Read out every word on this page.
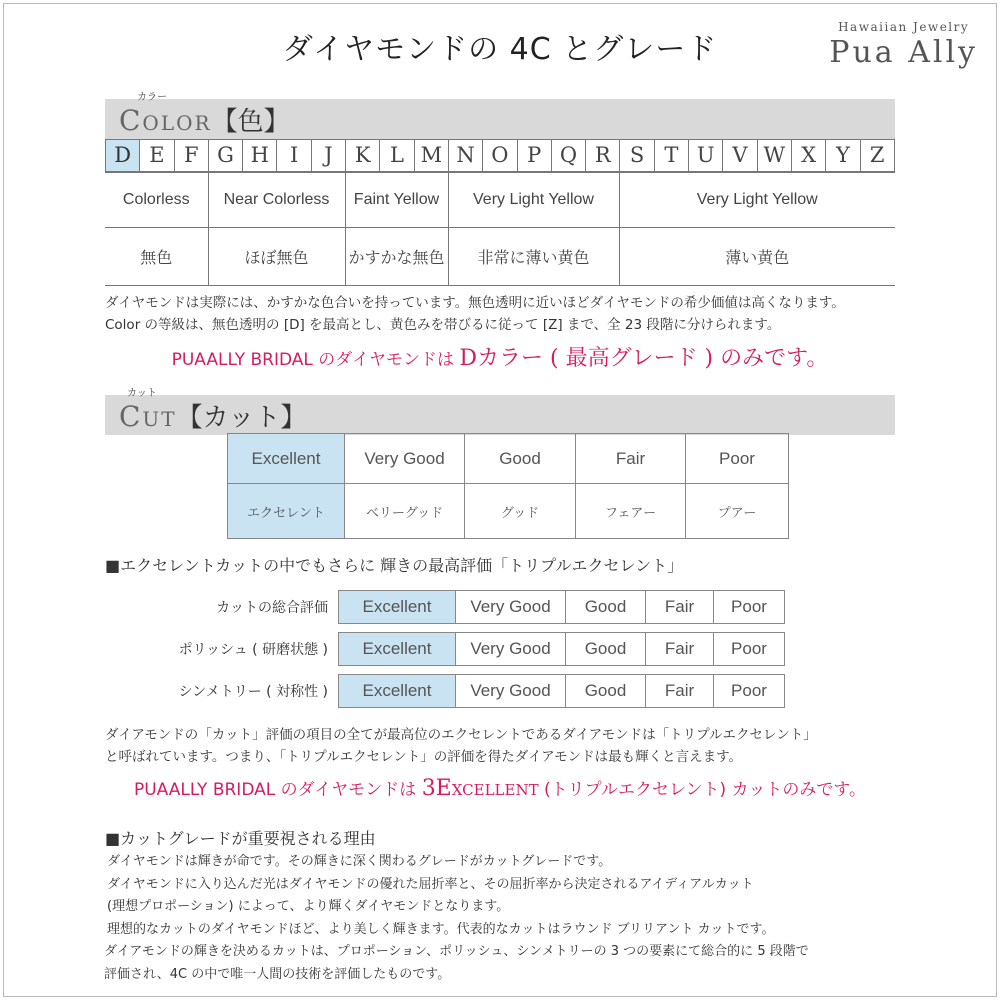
ダイヤモンドの 4C とグレード
Hawaiian Jewelry
Pua Ally
カラー
Color【色】
D E F G H I	J	K L M N O P Q R S T U V W X Y Z
Colorless	Near Colorless	Faint Yellow	Very Light Yellow	Very Light Yellow
無色	ほぼ無色	かすかな無色	非常に薄い黄色	薄い黄色
ダイヤモンドは実際には、かすかな色合いを持っています。無色透明に近いほどダイヤモンドの希少価値は高くなります。
Color の等級は、無色透明の [D] を最高とし、黄色みを帯びるに従って [Z] まで、全 23 段階に分けられます。
PUAALLY BRIDAL のダイヤモンドは Dカラー ( 最高グレード ) のみです。
カット
Cut【カット】
Excellent	Very Good	Good	Fair	Poor
エクセレント	ベリーグッド	グッド	フェアー	プアー
■エクセレントカットの中でもさらに 輝きの最高評価「トリプルエクセレント」
カットの総合評価	Excellent	Very Good	Good	Fair	Poor
ポリッシュ ( 研磨状態 )	Excellent	Very Good	Good	Fair	Poor
シンメトリー ( 対称性 )	Excellent	Very Good	Good	Fair	Poor
ダイアモンドの「カット」評価の項目の全てが最高位のエクセレントであるダイアモンドは「トリプルエクセレント」
と呼ばれています。つまり、「トリプルエクセレント」の評価を得たダイアモンドは最も輝くと言えます。
PUAALLY BRIDAL のダイヤモンドは 3Excellent (トリプルエクセレント) カットのみです。
■カットグレードが重要視される理由
ダイヤモンドは輝きが命です。その輝きに深く関わるグレードがカットグレードです。
ダイヤモンドに入り込んだ光はダイヤモンドの優れた屈折率と、その屈折率から決定されるアイディアルカット
(理想プロポーション) によって、より輝くダイヤモンドとなります。
理想的なカットのダイヤモンドほど、より美しく輝きます。代表的なカットはラウンド ブリリアント カットです。
ダイアモンドの輝きを決めるカットは、プロポーション、ポリッシュ、シンメトリーの 3 つの要素にて総合的に 5 段階で
評価され、4C の中で唯一人間の技術を評価したものです。
